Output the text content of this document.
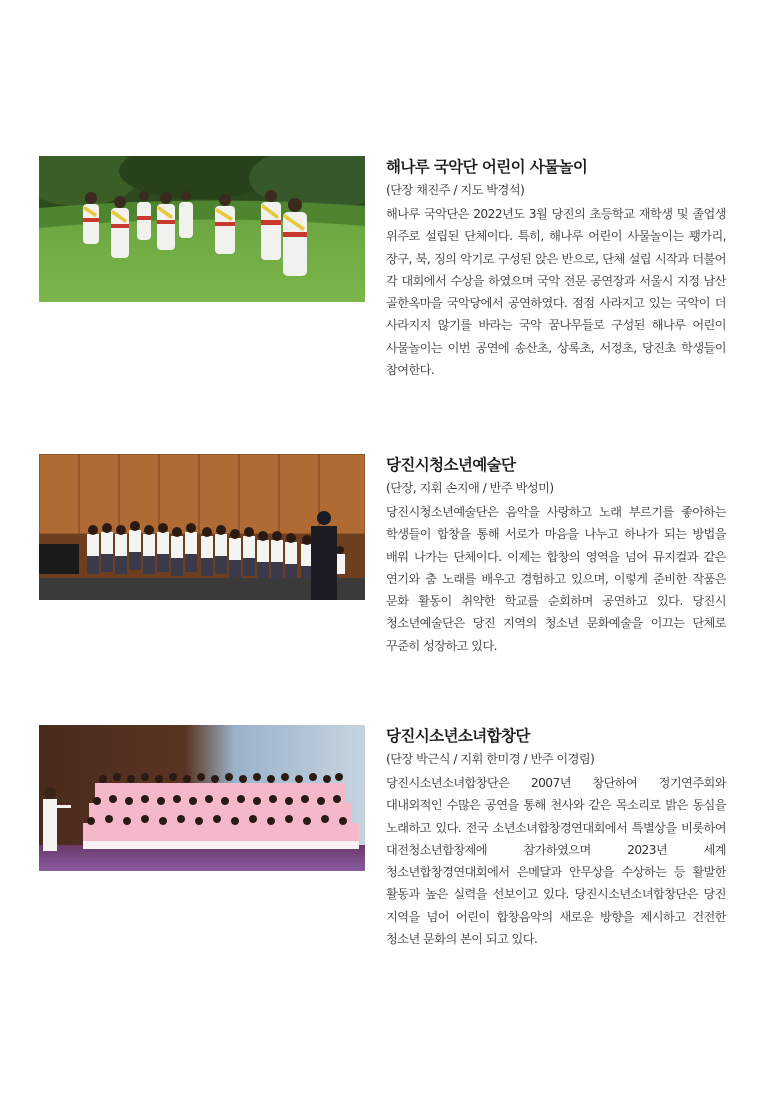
해나루 국악단 어린이 사물놀이

(단장 채진주 / 지도 박경석)

해나루 국악단은 2022년도 3월 당진의 초등학교 재학생 및 졸업생 위주로 설립된 단체이다. 특히, 해나루 어린이 사물놀이는 꽹가리, 장구, 북, 징의 악기로 구성된 앉은 반으로, 단체 설립 시작과 더불어 각 대회에서 수상을 하였으며 국악 전문 공연장과 서울시 지정 남산 골한옥마을 국악당에서 공연하였다. 점점 사라지고 있는 국악이 더 사라지지 않기를 바라는 국악 꿈나무들로 구성된 해나루 어린이 사물놀이는 이번 공연에 송산초, 상록초, 서정초, 당진초 학생들이 참여한다.

당진시청소년예술단

(단장, 지휘 손지애 / 반주 박성미)

당진시청소년예술단은 음악을 사랑하고 노래 부르기를 좋아하는 학생들이 합창을 통해 서로가 마음을 나누고 하나가 되는 방법을 배워 나가는 단체이다. 이제는 합창의 영역을 넘어 뮤지컬과 같은 연기와 춤 노래를 배우고 경험하고 있으며, 이렇게 준비한 작품은 문화 활동이 취약한 학교를 순회하며 공연하고 있다. 당진시 청소년예술단은 당진 지역의 청소년 문화예술을 이끄는 단체로 꾸준히 성장하고 있다.

당진시소년소녀합창단

(단장 박근식 / 지휘 한미경 / 반주 이경림)

당진시소년소녀합창단은 2007년 창단하여 정기연주회와 대내외적인 수많은 공연을 통해 천사와 같은 목소리로 밝은 동심을 노래하고 있다. 전국 소년소녀합창경연대회에서 특별상을 비롯하여 대전청소년합창제에 참가하였으며 2023년 세계 청소년합창경연대회에서 은메달과 안무상을 수상하는 등 활발한 활동과 높은 실력을 선보이고 있다. 당진시소년소녀합창단은 당진 지역을 넘어 어린이 합창음악의 새로운 방향을 제시하고 건전한 청소년 문화의 본이 되고 있다.
